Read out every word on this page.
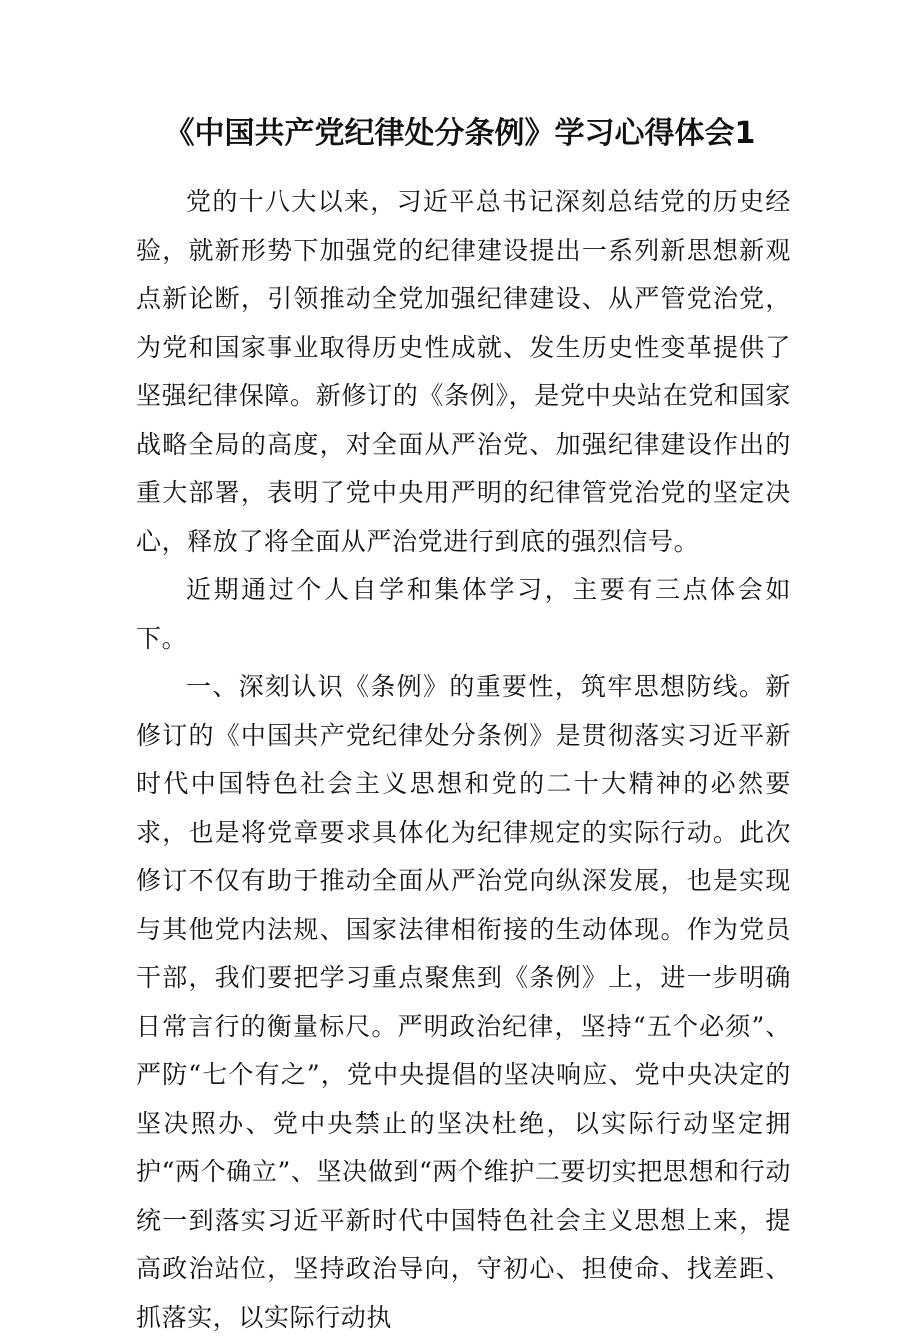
《中国共产党纪律处分条例》学习心得体会1

党的十八大以来，习近平总书记深刻总结党的历史经验，就新形势下加强党的纪律建设提出一系列新思想新观点新论断，引领推动全党加强纪律建设、从严管党治党，为党和国家事业取得历史性成就、发生历史性变革提供了坚强纪律保障。新修订的《条例》，是党中央站在党和国家战略全局的高度，对全面从严治党、加强纪律建设作出的重大部署，表明了党中央用严明的纪律管党治党的坚定决心，释放了将全面从严治党进行到底的强烈信号。

近期通过个人自学和集体学习，主要有三点体会如下。

一、深刻认识《条例》的重要性，筑牢思想防线。新修订的《中国共产党纪律处分条例》是贯彻落实习近平新时代中国特色社会主义思想和党的二十大精神的必然要求，也是将党章要求具体化为纪律规定的实际行动。此次修订不仅有助于推动全面从严治党向纵深发展，也是实现与其他党内法规、国家法律相衔接的生动体现。作为党员干部，我们要把学习重点聚焦到《条例》上，进一步明确日常言行的衡量标尺。严明政治纪律，坚持“五个必须”、严防“七个有之”，党中央提倡的坚决响应、党中央决定的坚决照办、党中央禁止的坚决杜绝，以实际行动坚定拥护“两个确立”、坚决做到“两个维护二要切实把思想和行动统一到落实习近平新时代中国特色社会主义思想上来，提高政治站位，坚持政治导向，守初心、担使命、找差距、抓落实，以实际行动执
